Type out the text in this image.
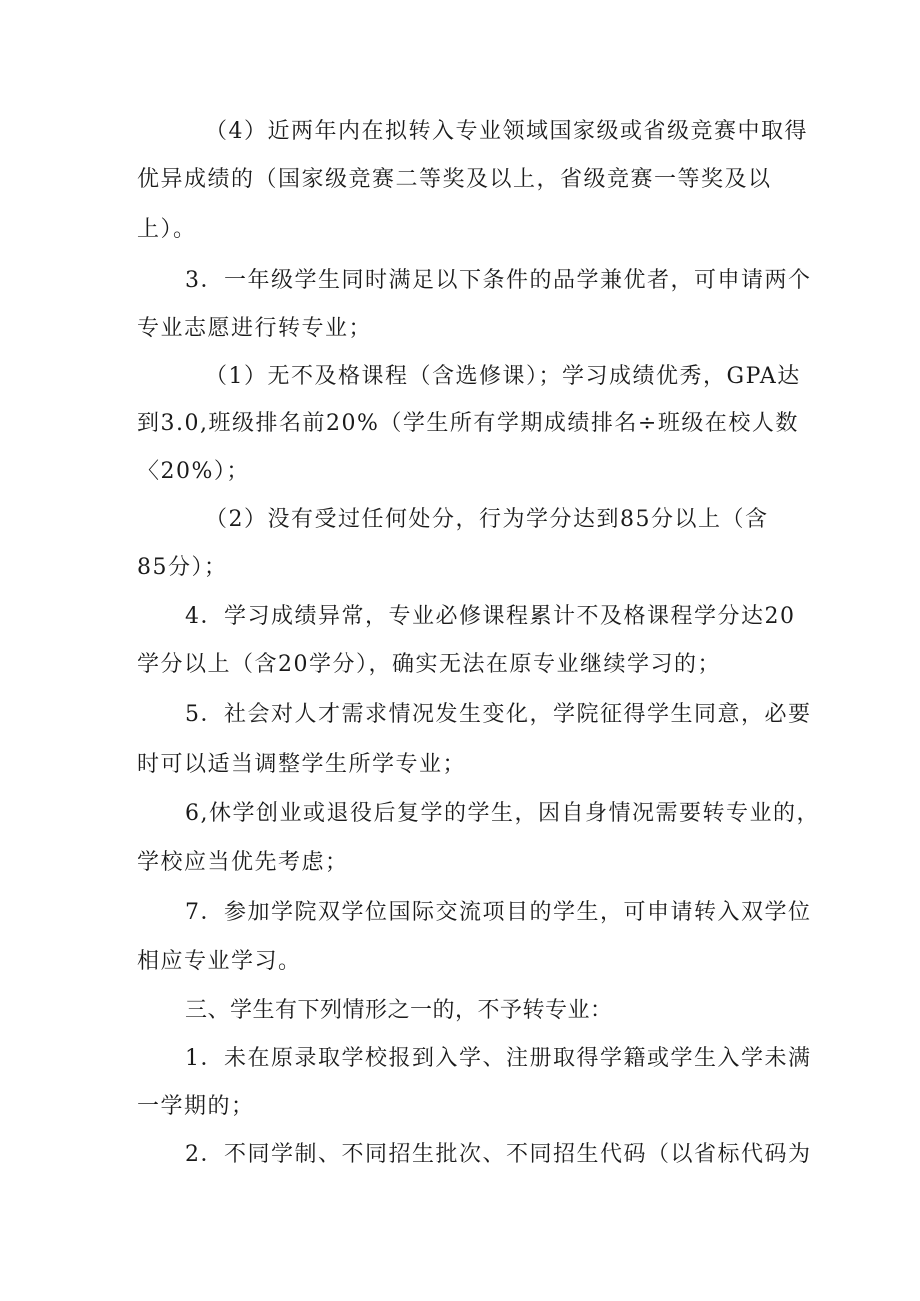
（4）近两年内在拟转入专业领域国家级或省级竞赛中取得
优异成绩的（国家级竞赛二等奖及以上，省级竞赛一等奖及以
上）。
3．一年级学生同时满足以下条件的品学兼优者，可申请两个
专业志愿进行转专业；
（1）无不及格课程（含选修课）；学习成绩优秀，GPA达
到3.0,班级排名前20%（学生所有学期成绩排名÷班级在校人数
〈20%）；
（2）没有受过任何处分，行为学分达到85分以上（含
85分）；
4．学习成绩异常，专业必修课程累计不及格课程学分达20
学分以上（含20学分），确实无法在原专业继续学习的；
5．社会对人才需求情况发生变化，学院征得学生同意，必要
时可以适当调整学生所学专业；
6,休学创业或退役后复学的学生，因自身情况需要转专业的，
学校应当优先考虑；
7．参加学院双学位国际交流项目的学生，可申请转入双学位
相应专业学习。
三、学生有下列情形之一的，不予转专业：
1．未在原录取学校报到入学、注册取得学籍或学生入学未满
一学期的；
2．不同学制、不同招生批次、不同招生代码（以省标代码为
